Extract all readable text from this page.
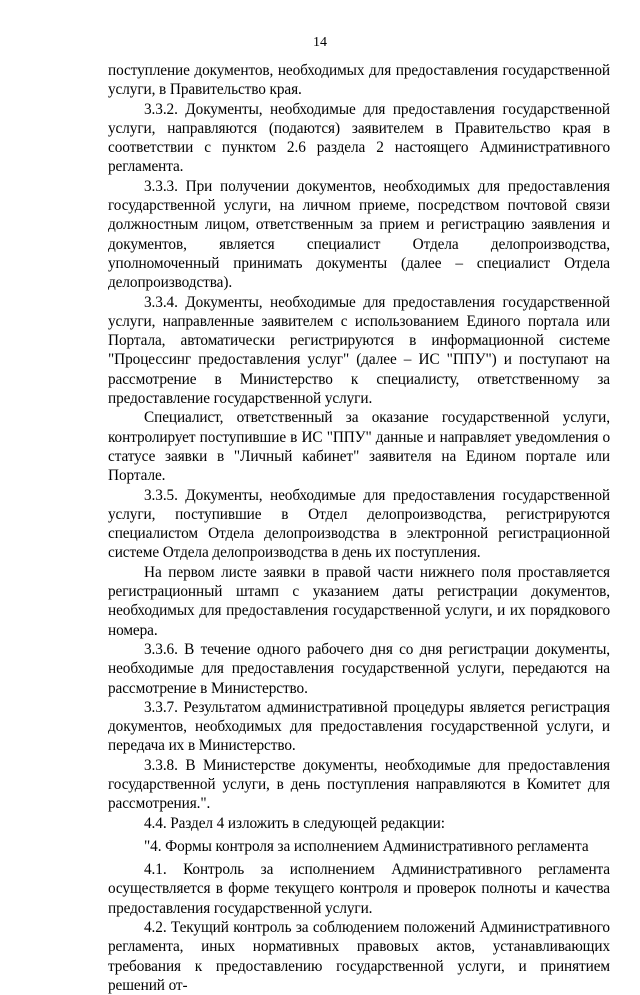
14

поступление документов, необходимых для предоставления государственной услуги, в Правительство края.

3.3.2. Документы, необходимые для предоставления государственной услуги, направляются (подаются) заявителем в Правительство края в соответствии с пунктом 2.6 раздела 2 настоящего Административного регламента.

3.3.3. При получении документов, необходимых для предоставления государственной услуги, на личном приеме, посредством почтовой связи должностным лицом, ответственным за прием и регистрацию заявления и документов, является специалист Отдела делопроизводства, уполномоченный принимать документы (далее – специалист Отдела делопроизводства).

3.3.4. Документы, необходимые для предоставления государственной услуги, направленные заявителем с использованием Единого портала или Портала, автоматически регистрируются в информационной системе "Процессинг предоставления услуг" (далее – ИС "ППУ") и поступают на рассмотрение в Министерство к специалисту, ответственному за предоставление государственной услуги.

Специалист, ответственный за оказание государственной услуги, контролирует поступившие в ИС "ППУ" данные и направляет уведомления о статусе заявки в "Личный кабинет" заявителя на Едином портале или Портале.

3.3.5. Документы, необходимые для предоставления государственной услуги, поступившие в Отдел делопроизводства, регистрируются специалистом Отдела делопроизводства в электронной регистрационной системе Отдела делопроизводства в день их поступления.

На первом листе заявки в правой части нижнего поля проставляется регистрационный штамп с указанием даты регистрации документов, необходимых для предоставления государственной услуги, и их порядкового номера.

3.3.6. В течение одного рабочего дня со дня регистрации документы, необходимые для предоставления государственной услуги, передаются на рассмотрение в Министерство.

3.3.7. Результатом административной процедуры является регистрация документов, необходимых для предоставления государственной услуги, и передача их в Министерство.

3.3.8. В Министерстве документы, необходимые для предоставления государственной услуги, в день поступления направляются в Комитет для рассмотрения.".

4.4. Раздел 4 изложить в следующей редакции:

"4. Формы контроля за исполнением Административного регламента

4.1. Контроль за исполнением Административного регламента осуществляется в форме текущего контроля и проверок полноты и качества предоставления государственной услуги.

4.2. Текущий контроль за соблюдением положений Административного регламента, иных нормативных правовых актов, устанавливающих требования к предоставлению государственной услуги, и принятием решений от-
